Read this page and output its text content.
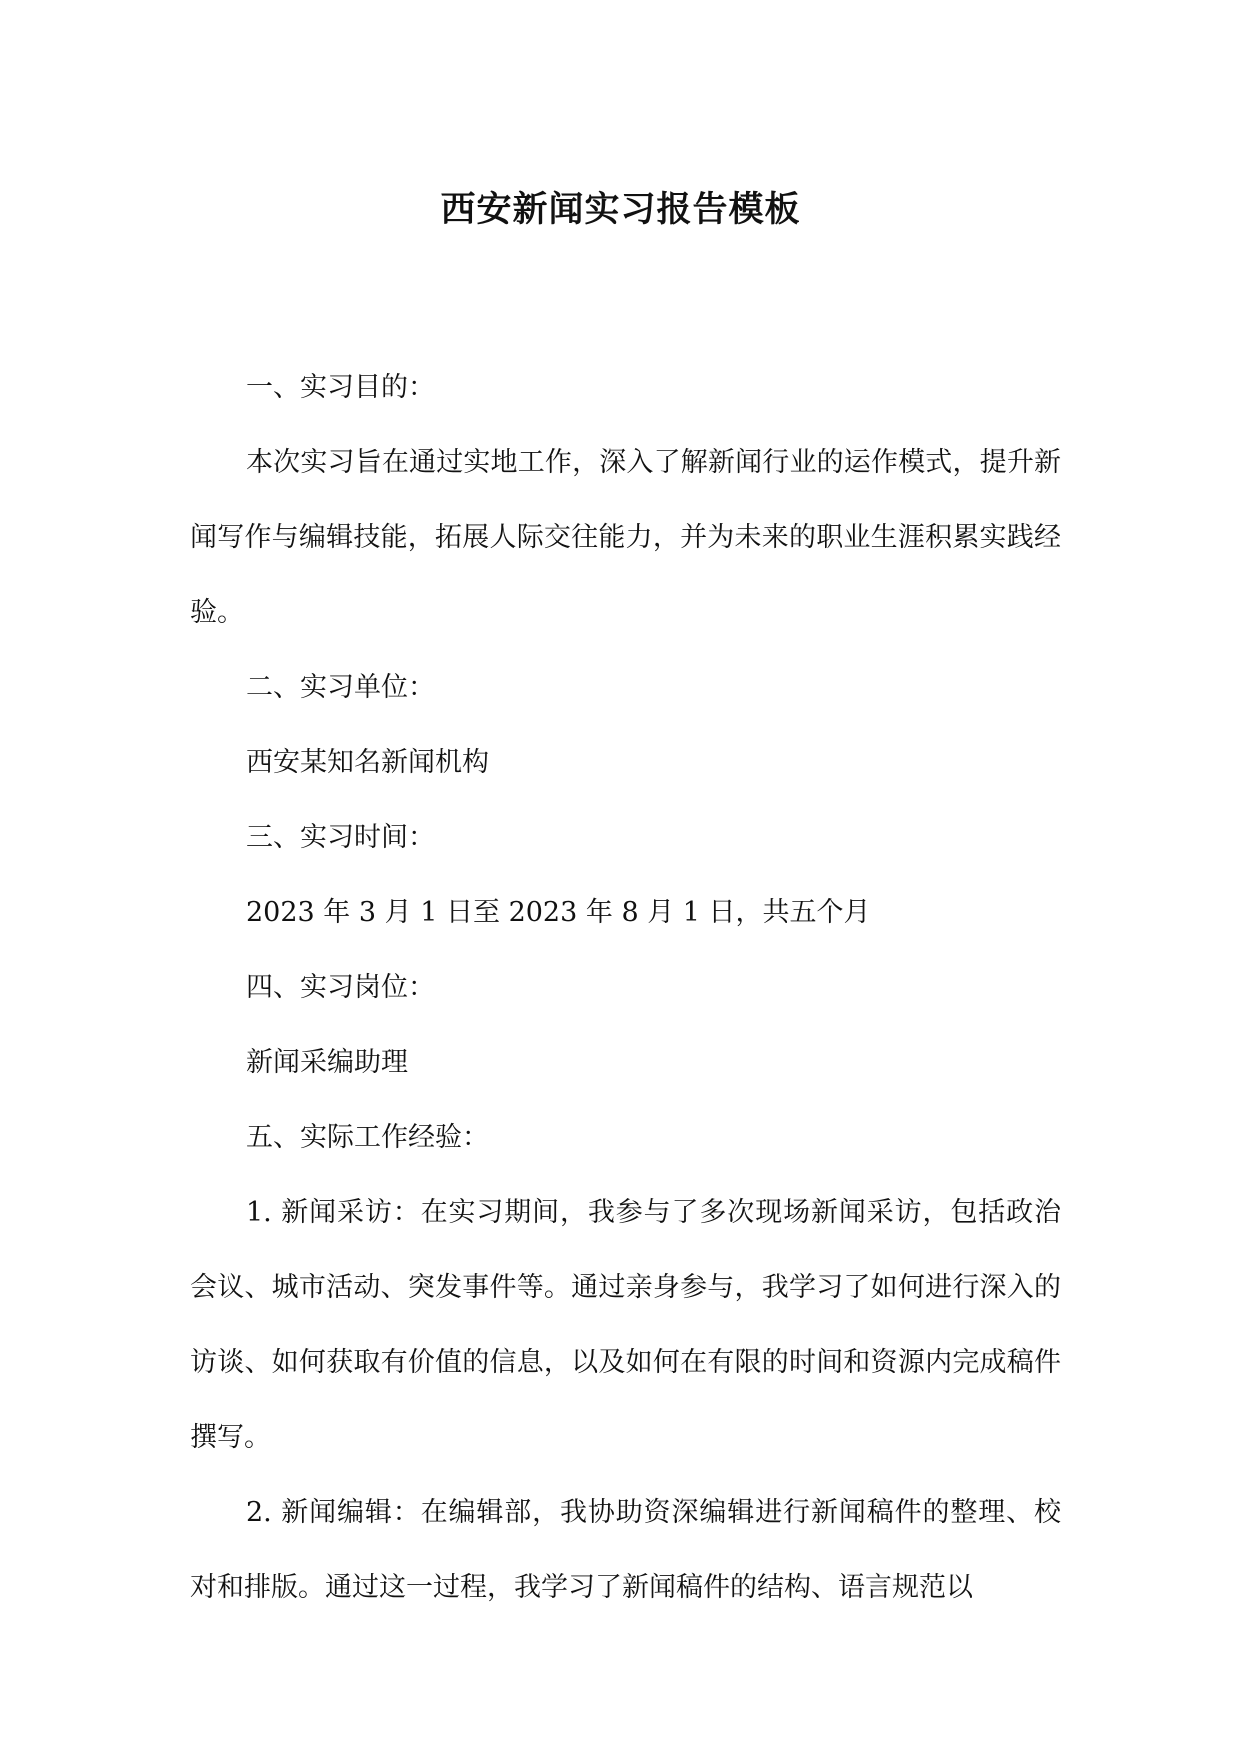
西安新闻实习报告模板

一、实习目的：

本次实习旨在通过实地工作，深入了解新闻行业的运作模式，提升新闻写作与编辑技能，拓展人际交往能力，并为未来的职业生涯积累实践经验。

二、实习单位：

西安某知名新闻机构

三、实习时间：

2023 年 3 月 1 日至 2023 年 8 月 1 日，共五个月

四、实习岗位：

新闻采编助理

五、实际工作经验：

1. 新闻采访：在实习期间，我参与了多次现场新闻采访，包括政治会议、城市活动、突发事件等。通过亲身参与，我学习了如何进行深入的访谈、如何获取有价值的信息，以及如何在有限的时间和资源内完成稿件撰写。

2. 新闻编辑：在编辑部，我协助资深编辑进行新闻稿件的整理、校对和排版。通过这一过程，我学习了新闻稿件的结构、语言规范以
